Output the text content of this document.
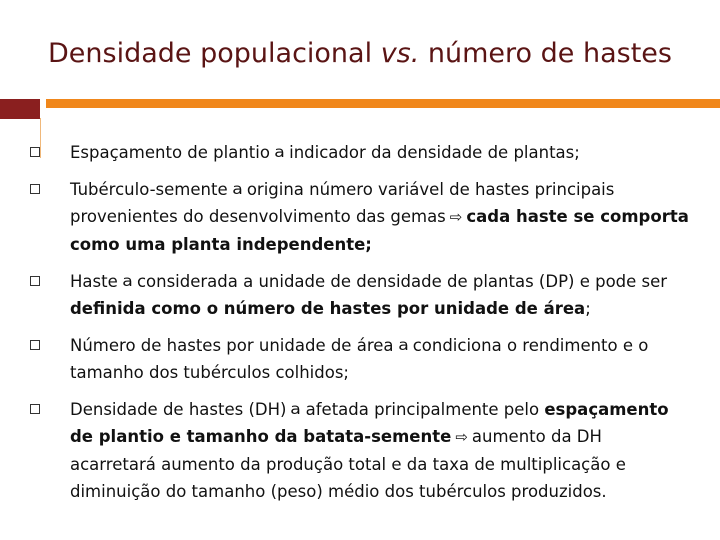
Densidade populacional vs. número de hastes
Espaçamento de plantio a indicador da densidade de plantas;
Tubérculo-semente a origina número variável de hastes principais provenientes do desenvolvimento das gemas ⇨ cada haste se comporta como uma planta independente;
Haste a considerada a unidade de densidade de plantas (DP) e pode ser definida como o número de hastes por unidade de área;
Número de hastes por unidade de área a condiciona o rendimento e o tamanho dos tubérculos colhidos;
Densidade de hastes (DH) a afetada principalmente pelo espaçamento de plantio e tamanho da batata-semente ⇨ aumento da DH acarretará aumento da produção total e da taxa de multiplicação e diminuição do tamanho (peso) médio dos tubérculos produzidos.
